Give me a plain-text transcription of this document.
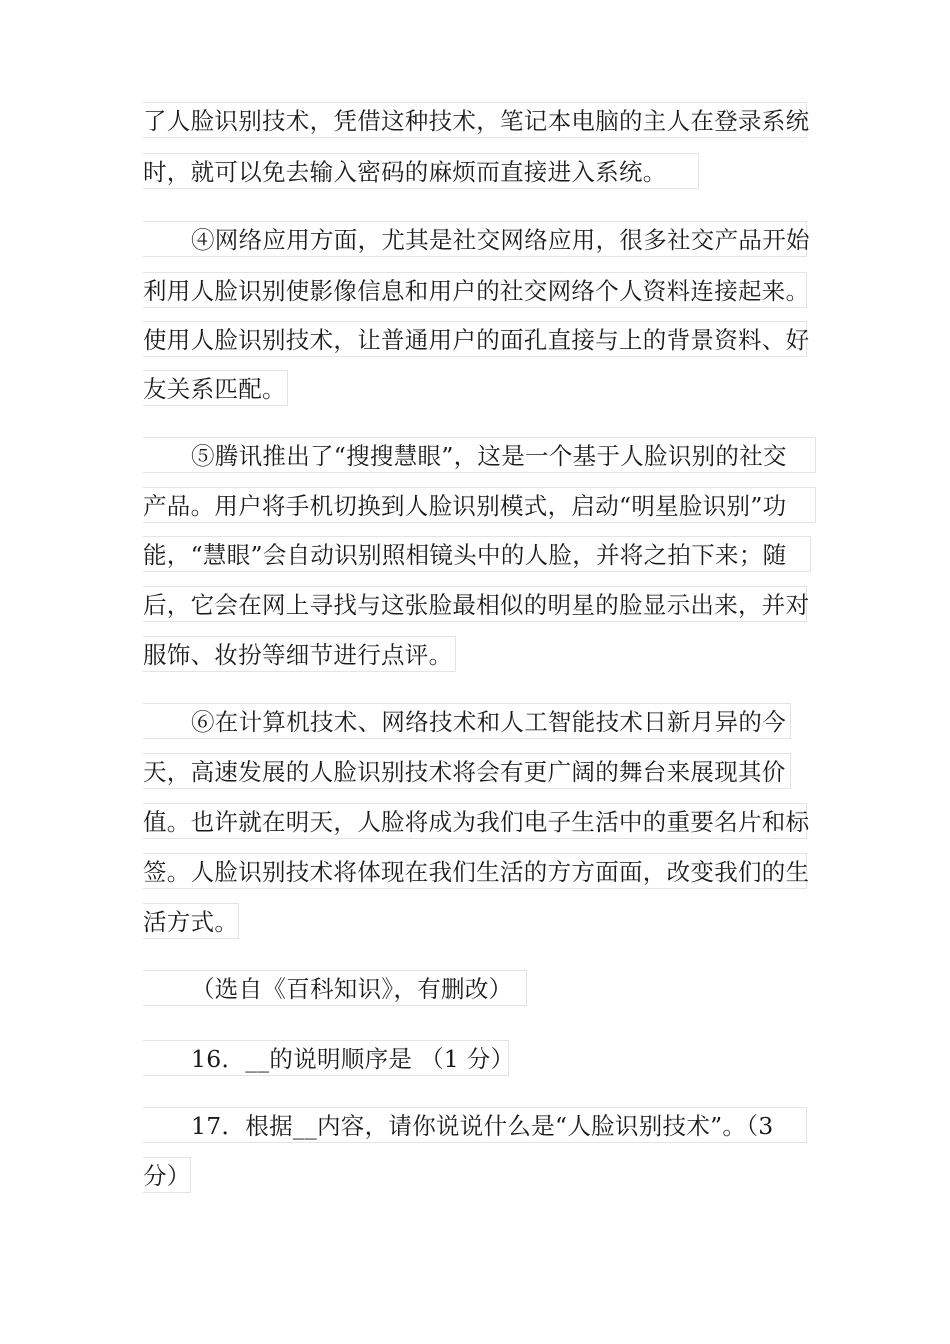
了人脸识别技术，凭借这种技术，笔记本电脑的主人在登录系统
时，就可以免去输入密码的麻烦而直接进入系统。
④网络应用方面，尤其是社交网络应用，很多社交产品开始
利用人脸识别使影像信息和用户的社交网络个人资料连接起来。
使用人脸识别技术，让普通用户的面孔直接与上的背景资料、好
友关系匹配。
⑤腾讯推出了“搜搜慧眼”，这是一个基于人脸识别的社交
产品。用户将手机切换到人脸识别模式，启动“明星脸识别”功
能，“慧眼”会自动识别照相镜头中的人脸，并将之拍下来；随
后，它会在网上寻找与这张脸最相似的明星的脸显示出来，并对
服饰、妆扮等细节进行点评。
⑥在计算机技术、网络技术和人工智能技术日新月异的今
天，高速发展的人脸识别技术将会有更广阔的舞台来展现其价
值。也许就在明天，人脸将成为我们电子生活中的重要名片和标
签。人脸识别技术将体现在我们生活的方方面面，改变我们的生
活方式。
（选自《百科知识》，有删改）
16．__的说明顺序是 （1 分）
17．根据__内容，请你说说什么是“人脸识别技术”。（3
分）
